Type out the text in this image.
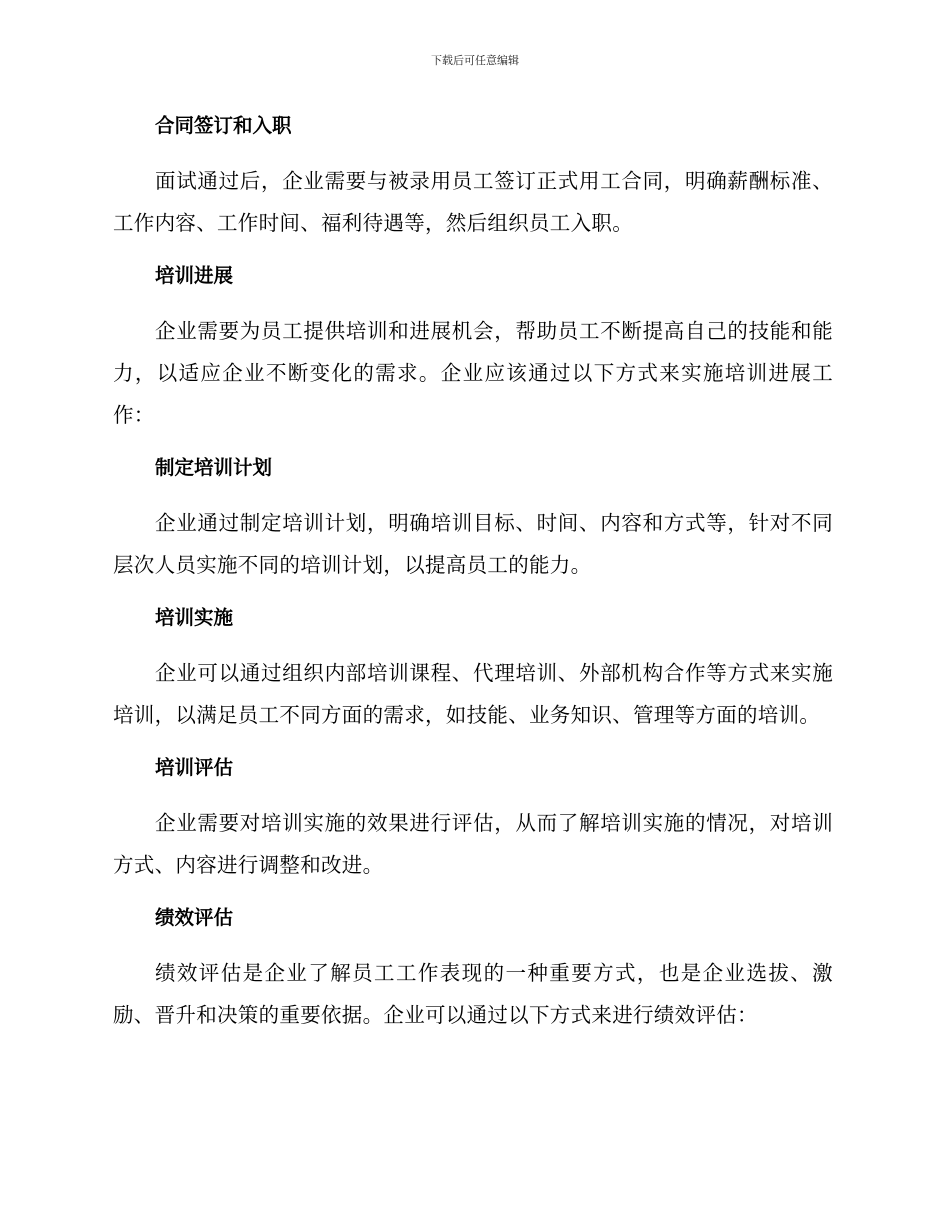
下载后可任意编辑
合同签订和入职

面试通过后，企业需要与被录用员工签订正式用工合同，明确薪酬标准、工作内容、工作时间、福利待遇等，然后组织员工入职。

培训进展

企业需要为员工提供培训和进展机会，帮助员工不断提高自己的技能和能力，以适应企业不断变化的需求。企业应该通过以下方式来实施培训进展工作：

制定培训计划

企业通过制定培训计划，明确培训目标、时间、内容和方式等，针对不同层次人员实施不同的培训计划，以提高员工的能力。

培训实施

企业可以通过组织内部培训课程、代理培训、外部机构合作等方式来实施培训，以满足员工不同方面的需求，如技能、业务知识、管理等方面的培训。

培训评估

企业需要对培训实施的效果进行评估，从而了解培训实施的情况，对培训方式、内容进行调整和改进。

绩效评估

绩效评估是企业了解员工工作表现的一种重要方式，也是企业选拔、激励、晋升和决策的重要依据。企业可以通过以下方式来进行绩效评估：
